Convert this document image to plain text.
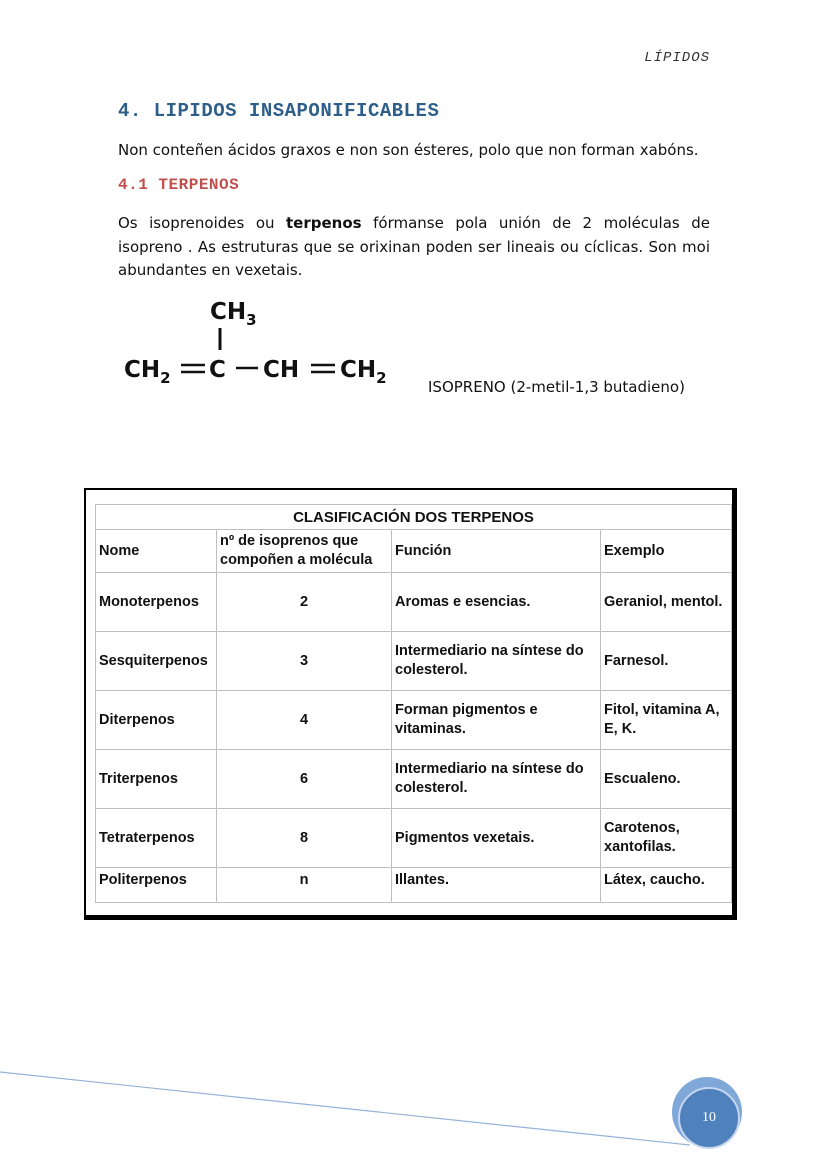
LÍPIDOS
4. LIPIDOS INSAPONIFICABLES

Non conteñen ácidos graxos e non son ésteres, polo que non forman xabóns.

4.1 TERPENOS

Os isoprenoides ou terpenos fórmanse pola unión de 2 moléculas de isopreno . As estruturas que se orixinan poden ser lineais ou cíclicas. Son moi abundantes en vexetais.

$CH_3$
$CH_2$ C CH $CH_2$	ISOPRENO (2-metil-1,3 butadieno)
CLASIFICACIÓN DOS TERPENOS			
Nome	nº de isoprenos que compoñen a molécula	Función	Exemplo
Monoterpenos	2	Aromas e esencias.	Geraniol, mentol.
Sesquiterpenos	3	Intermediario na síntese do colesterol.	Farnesol.
Diterpenos	4	Forman pigmentos e vitaminas.	Fitol, vitamina A, E, K.
Triterpenos	6	Intermediario na síntese do colesterol.	Escualeno.
Tetraterpenos	8	Pigmentos vexetais.	Carotenos, xantofilas.
Politerpenos	n	Illantes.	Látex, caucho.
10
